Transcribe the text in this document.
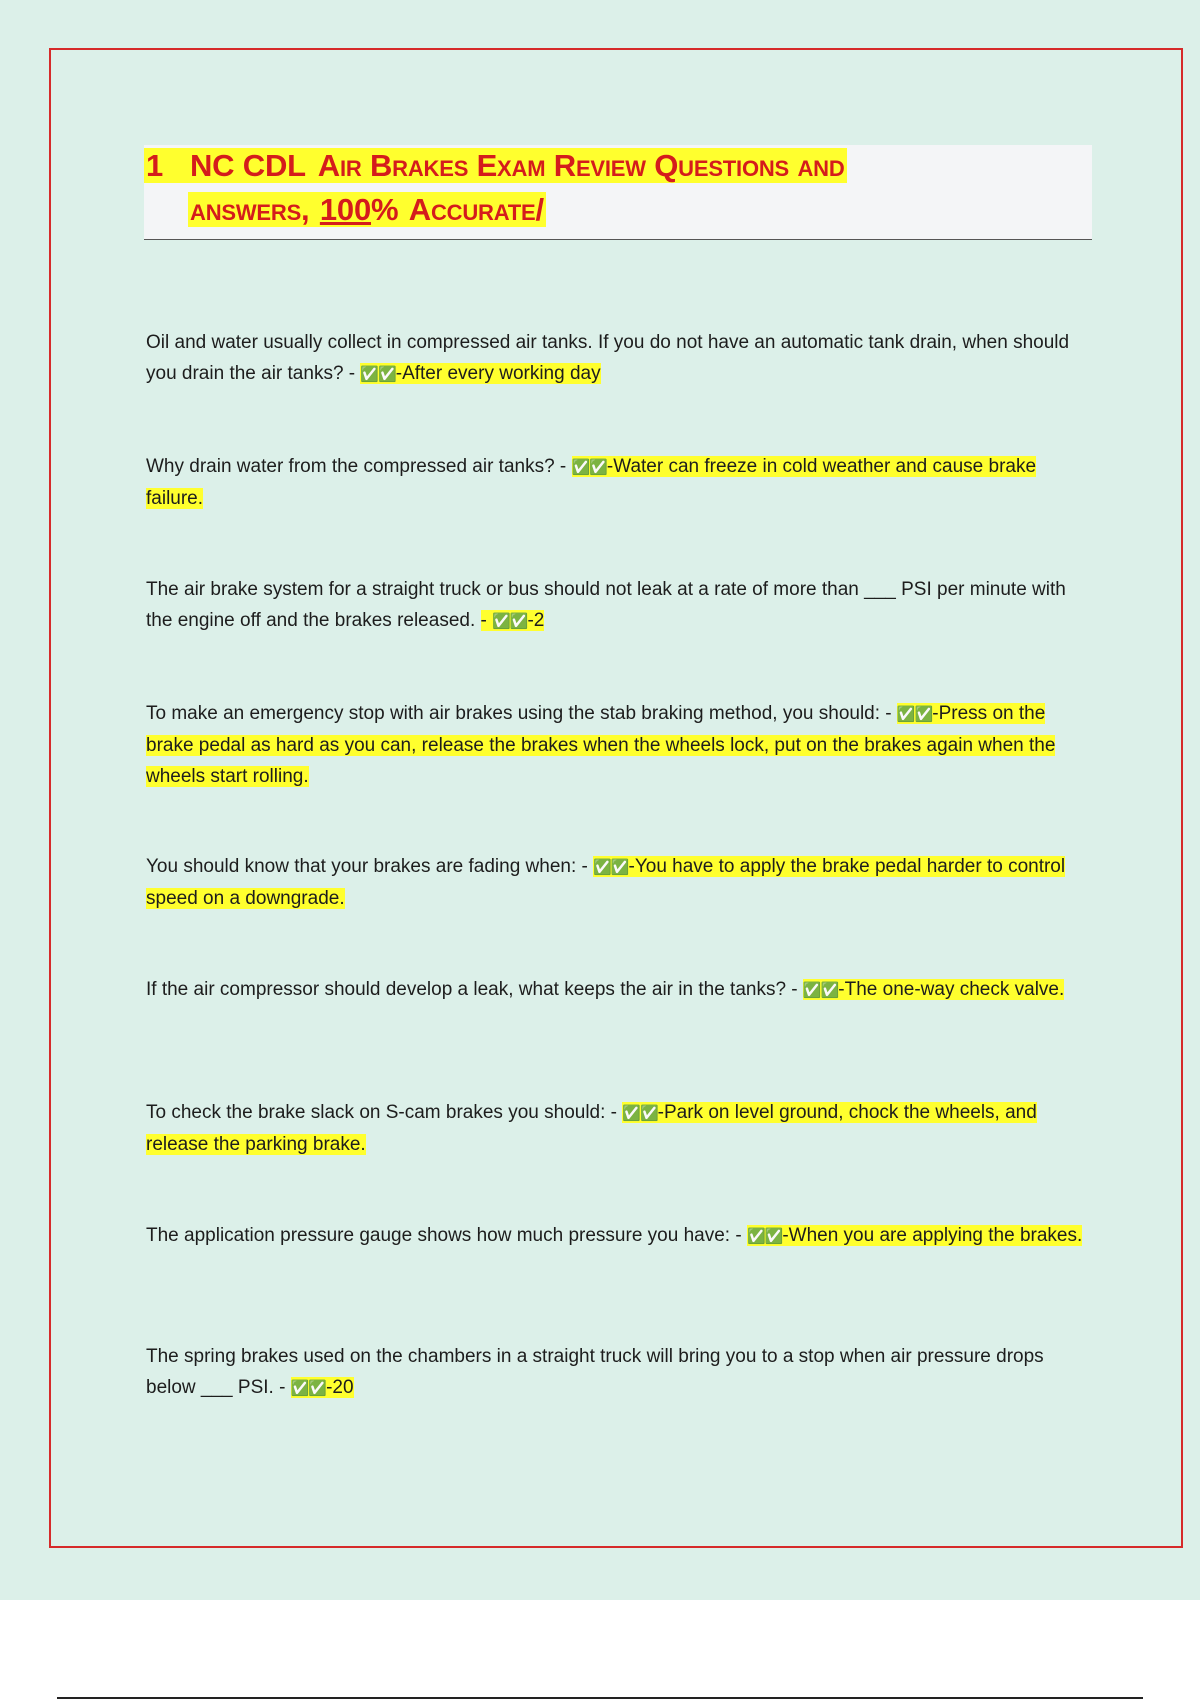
1 NC CDL Air Brakes Exam Review Questions and
answers, 100% Accurate/
Oil and water usually collect in compressed air tanks. If you do not have an automatic tank drain, when should you drain the air tanks? - ✅✅-After every working day
Why drain water from the compressed air tanks? - ✅✅-Water can freeze in cold weather and cause brake failure.
The air brake system for a straight truck or bus should not leak at a rate of more than ___ PSI per minute with the engine off and the brakes released. - ✅✅-2
To make an emergency stop with air brakes using the stab braking method, you should: - ✅✅-Press on the brake pedal as hard as you can, release the brakes when the wheels lock, put on the brakes again when the wheels start rolling.
You should know that your brakes are fading when: - ✅✅-You have to apply the brake pedal harder to control speed on a downgrade.
If the air compressor should develop a leak, what keeps the air in the tanks? - ✅✅-The one-way check valve.
To check the brake slack on S-cam brakes you should: - ✅✅-Park on level ground, chock the wheels, and release the parking brake.
The application pressure gauge shows how much pressure you have: - ✅✅-When you are applying the brakes.
The spring brakes used on the chambers in a straight truck will bring you to a stop when air pressure drops below ___ PSI. - ✅✅-20
